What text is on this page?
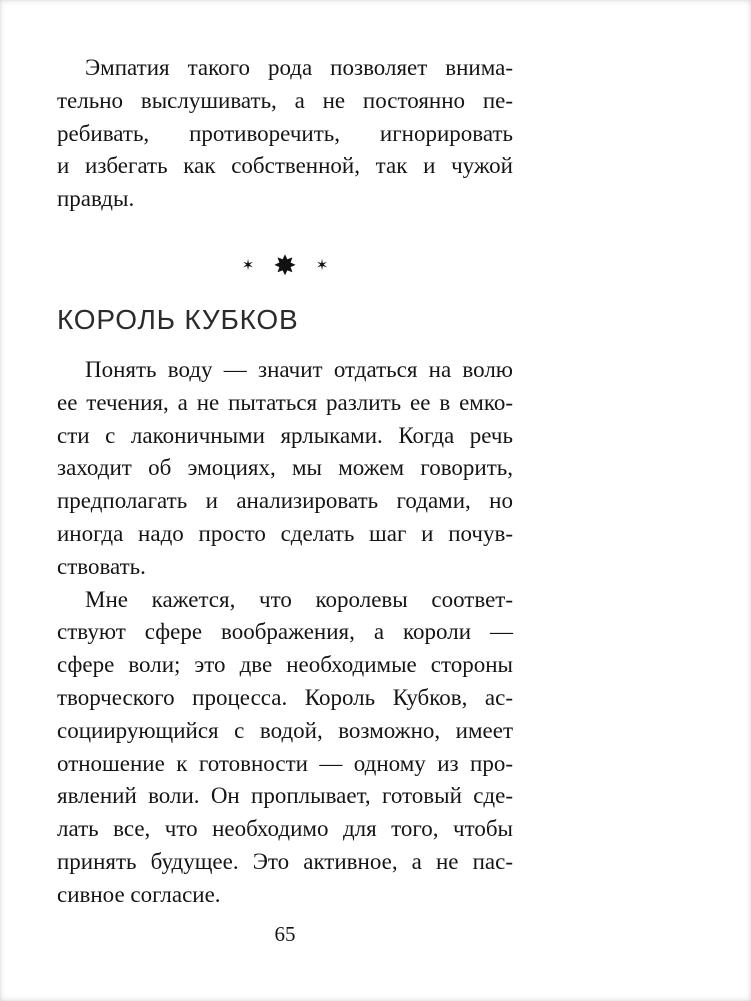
Эмпатия такого рода позволяет внима-
тельно выслушивать, а не постоянно пе-
ребивать, противоречить, игнорировать
и избегать как собственной, так и чужой
правды.
✶ ✸ ✶
КОРОЛЬ КУБКОВ
Понять воду — значит отдаться на волю
ее течения, а не пытаться разлить ее в емко-
сти с лаконичными ярлыками. Когда речь
заходит об эмоциях, мы можем говорить,
предполагать и анализировать годами, но
иногда надо просто сделать шаг и почув-
ствовать.
Мне кажется, что королевы соответ-
ствуют сфере воображения, а короли —
сфере воли; это две необходимые стороны
творческого процесса. Король Кубков, ас-
социирующийся с водой, возможно, имеет
отношение к готовности — одному из про-
явлений воли. Он проплывает, готовый сде-
лать все, что необходимо для того, чтобы
принять будущее. Это активное, а не пас-
сивное согласие.
65
